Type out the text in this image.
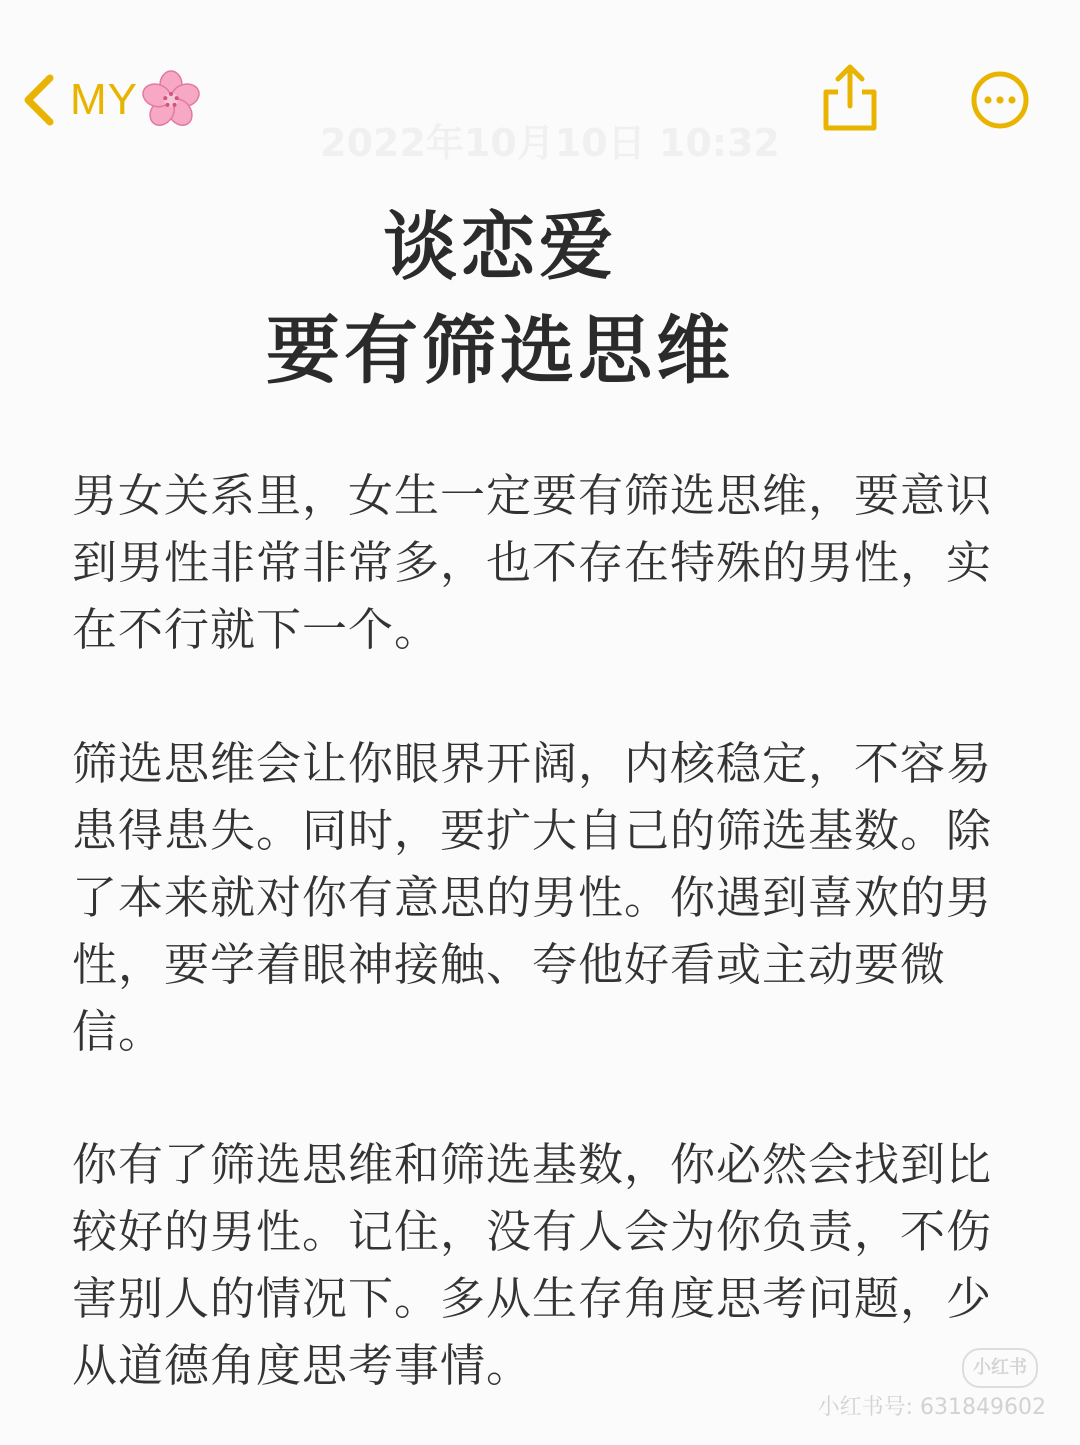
MY
2022年10月10日 10:32
谈恋爱
要有筛选思维
男女关系里，女生一定要有筛选思维，要意识到男性非常非常多，也不存在特殊的男性，实在不行就下一个。
筛选思维会让你眼界开阔，内核稳定，不容易患得患失。同时，要扩大自己的筛选基数。除了本来就对你有意思的男性。你遇到喜欢的男性，要学着眼神接触、夸他好看或主动要微信。
你有了筛选思维和筛选基数，你必然会找到比较好的男性。记住，没有人会为你负责，不伤害别人的情况下。多从生存角度思考问题，少从道德角度思考事情。	小红书
小红书号: 631849602
